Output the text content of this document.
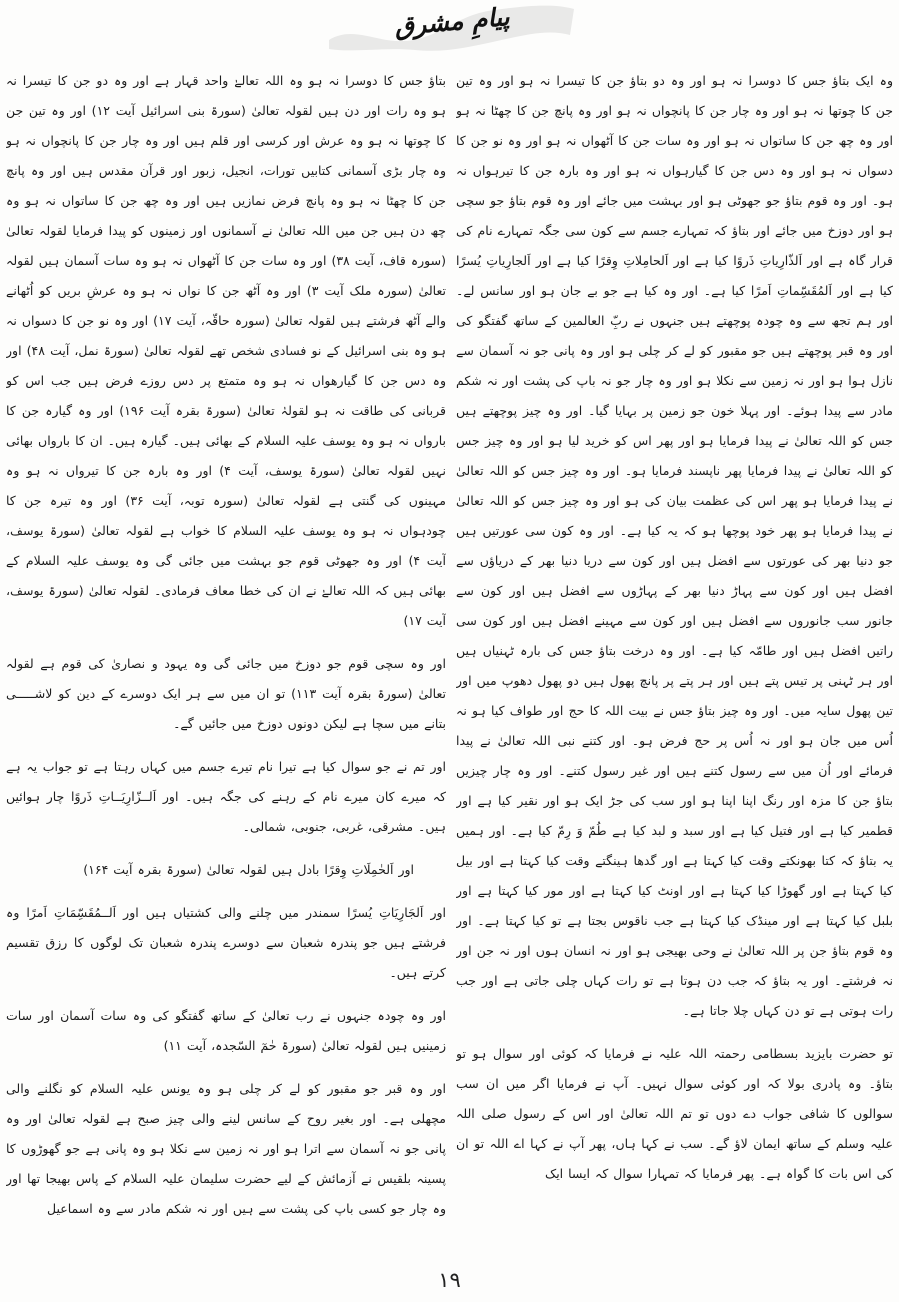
پیامِ مشرق

وہ ایک بتاؤ جس کا دوسرا نہ ہو اور وہ دو بتاؤ جن کا تیسرا نہ ہو اور وہ تین جن کا چوتھا نہ ہو اور وہ چار جن کا پانچواں نہ ہو اور وہ پانچ جن کا چھٹا نہ ہو اور وہ چھ جن کا ساتواں نہ ہو اور وہ سات جن کا آٹھواں نہ ہو اور وہ نو جن کا دسواں نہ ہو اور وہ دس جن کا گیارہواں نہ ہو اور وہ بارہ جن کا تیرہواں نہ ہو۔ اور وہ قوم بتاؤ جو جھوٹی ہو اور بہشت میں جائے اور وہ قوم بتاؤ جو سچی ہو اور دوزخ میں جائے اور بتاؤ کہ تمہارے جسم سے کون سی جگہ تمہارے نام کی قرار گاہ ہے اور اَلذّارِیاتِ ذَروًا کیا ہے اور اَلحامِلاتِ وِقرًا کیا ہے اور اَلجارِیاتِ یُسرًا کیا ہے اور اَلمُقَسِّماتِ اَمرًا کیا ہے۔ اور وہ کیا ہے جو بے جان ہو اور سانس لے۔ اور ہم تجھ سے وہ چودہ پوچھتے ہیں جنہوں نے ربِّ العالمین کے ساتھ گفتگو کی اور وہ قبر پوچھتے ہیں جو مقبور کو لے کر چلی ہو اور وہ پانی جو نہ آسمان سے نازل ہوا ہو اور نہ زمین سے نکلا ہو اور وہ چار جو نہ باپ کی پشت اور نہ شکم مادر سے پیدا ہوئے۔ اور پہلا خون جو زمین پر بہایا گیا۔ اور وہ چیز پوچھتے ہیں جس کو اللہ تعالیٰ نے پیدا فرمایا ہو اور پھر اس کو خرید لیا ہو اور وہ چیز جس کو اللہ تعالیٰ نے پیدا فرمایا پھر ناپسند فرمایا ہو۔ اور وہ چیز جس کو اللہ تعالیٰ نے پیدا فرمایا ہو پھر اس کی عظمت بیان کی ہو اور وہ چیز جس کو اللہ تعالیٰ نے پیدا فرمایا ہو پھر خود پوچھا ہو کہ یہ کیا ہے۔ اور وہ کون سی عورتیں ہیں جو دنیا بھر کی عورتوں سے افضل ہیں اور کون سے دریا دنیا بھر کے دریاؤں سے افضل ہیں اور کون سے پہاڑ دنیا بھر کے پہاڑوں سے افضل ہیں اور کون سے جانور سب جانوروں سے افضل ہیں اور کون سے مہینے افضل ہیں اور کون سی راتیں افضل ہیں اور طامّہ کیا ہے۔ اور وہ درخت بتاؤ جس کی بارہ ٹہنیاں ہیں اور ہر ٹہنی پر تیس پتے ہیں اور ہر پتے پر پانچ پھول ہیں دو پھول دھوپ میں اور تین پھول سایہ میں۔ اور وہ چیز بتاؤ جس نے بیت اللہ کا حج اور طواف کیا ہو نہ اُس میں جان ہو اور نہ اُس پر حج فرض ہو۔ اور کتنے نبی اللہ تعالیٰ نے پیدا فرمائے اور اُن میں سے رسول کتنے ہیں اور غیر رسول کتنے۔ اور وہ چار چیزیں بتاؤ جن کا مزہ اور رنگ اپنا اپنا ہو اور سب کی جڑ ایک ہو اور نقیر کیا ہے اور قطمیر کیا ہے اور فتیل کیا ہے اور سبد و لبد کیا ہے طُمّ وَ رِمّ کیا ہے۔ اور ہمیں یہ بتاؤ کہ کتا بھونکتے وقت کیا کہتا ہے اور گدھا ہینگتے وقت کیا کہتا ہے اور بیل کیا کہتا ہے اور گھوڑا کیا کہتا ہے اور اونٹ کیا کہتا ہے اور مور کیا کہتا ہے اور بلبل کیا کہتا ہے اور مینڈک کیا کہتا ہے جب ناقوس بجتا ہے تو کیا کہتا ہے۔ اور وہ قوم بتاؤ جن پر اللہ تعالیٰ نے وحی بھیجی ہو اور نہ انسان ہوں اور نہ جن اور نہ فرشتے۔ اور یہ بتاؤ کہ جب دن ہوتا ہے تو رات کہاں چلی جاتی ہے اور جب رات ہوتی ہے تو دن کہاں چلا جاتا ہے۔

تو حضرت بایزید بسطامی رحمتہ اللہ علیہ نے فرمایا کہ کوئی اور سوال ہو تو بتاؤ۔ وہ پادری بولا کہ اور کوئی سوال نہیں۔ آپ نے فرمایا اگر میں ان سب سوالوں کا شافی جواب دے دوں تو تم اللہ تعالیٰ اور اس کے رسول صلی اللہ علیہ وسلم کے ساتھ ایمان لاؤ گے۔ سب نے کہا ہاں، پھر آپ نے کہا اے اللہ تو ان کی اس بات کا گواہ ہے۔ پھر فرمایا کہ تمہارا سوال کہ ایسا ایک

بتاؤ جس کا دوسرا نہ ہو وہ اللہ تعالےٰ واحد قہار ہے اور وہ دو جن کا تیسرا نہ ہو وہ رات اور دن ہیں لقولہ تعالیٰ (سورۃ بنی اسرائیل آیت ۱۲) اور وہ تین جن کا چوتھا نہ ہو وہ عرش اور کرسی اور قلم ہیں اور وہ چار جن کا پانچواں نہ ہو وہ چار بڑی آسمانی کتابیں تورات، انجیل، زبور اور قرآن مقدس ہیں اور وہ پانچ جن کا چھٹا نہ ہو وہ پانچ فرض نمازیں ہیں اور وہ چھ جن کا ساتواں نہ ہو وہ چھ دن ہیں جن میں اللہ تعالیٰ نے آسمانوں اور زمینوں کو پیدا فرمایا لقولہ تعالیٰ (سورہ قاف، آیت ۳۸) اور وہ سات جن کا آٹھواں نہ ہو وہ سات آسمان ہیں لقولہ تعالیٰ (سورہ ملک آیت ۳) اور وہ آٹھ جن کا نواں نہ ہو وہ عرشِ بریں کو اُٹھانے والے آٹھ فرشتے ہیں لقولہ تعالیٰ (سورہ حاقّہ، آیت ۱۷) اور وہ نو جن کا دسواں نہ ہو وہ بنی اسرائیل کے نو فسادی شخص تھے لقولہ تعالیٰ (سورۃ نمل، آیت ۴۸) اور وہ دس جن کا گیارھواں نہ ہو وہ متمتع پر دس روزے فرض ہیں جب اس کو قربانی کی طاقت نہ ہو لقولہٰ تعالیٰ (سورۃ بقرہ آیت ۱۹۶) اور وہ گیارہ جن کا بارواں نہ ہو وہ یوسف علیہ السلام کے بھائی ہیں۔ گیارہ ہیں۔ ان کا بارواں بھائی نہیں لقولہ تعالیٰ (سورۃ یوسف، آیت ۴) اور وہ بارہ جن کا تیرواں نہ ہو وہ مہینوں کی گنتی ہے لقولہ تعالیٰ (سورہ توبہ، آیت ۳۶) اور وہ تیرہ جن کا چودہواں نہ ہو وہ یوسف علیہ السلام کا خواب ہے لقولہ تعالیٰ (سورۃ یوسف، آیت ۴) اور وہ جھوٹی قوم جو بہشت میں جائی گی وہ یوسف علیہ السلام کے بھائی ہیں کہ اللہ تعالےٰ نے ان کی خطا معاف فرمادی۔ لقولہ تعالیٰ (سورۃ یوسف، آیت ۱۷)

اور وہ سچی قوم جو دوزخ میں جائی گی وہ یہود و نصاریٰ کی قوم ہے لقولہ تعالیٰ (سورۃ بقرہ آیت ۱۱۳) تو ان میں سے ہر ایک دوسرے کے دین کو لاشـــــی بتانے میں سچا ہے لیکن دونوں دوزخ میں جائیں گے۔

اور تم نے جو سوال کیا ہے تیرا نام تیرے جسم میں کہاں رہتا ہے تو جواب یہ ہے کہ میرے کان میرے نام کے رہنے کی جگہ ہیں۔ اور اَلــزّارِیَــاتِ ذَروًا چار ہوائیں ہیں۔ مشرقی، غربی، جنوبی، شمالی۔

اور اَلحٰمِلَاتِ وِقرًا بادل ہیں لقولہ تعالیٰ (سورۃ بقرہ آیت ۱۶۴)

اور اَلجَارِیَاتِ یُسرًا سمندر میں چلنے والی کشتیاں ہیں اور اَلــمُقَسِّمَاتِ اَمرًا وہ فرشتے ہیں جو پندرہ شعبان سے دوسرے پندرہ شعبان تک لوگوں کا رزق تقسیم کرتے ہیں۔

اور وہ چودہ جنہوں نے رب تعالیٰ کے ساتھ گفتگو کی وہ سات آسمان اور سات زمینیں ہیں لقولہ تعالیٰ (سورۃ حٰمٓ السّجدہ، آیت ۱۱)

اور وہ قبر جو مقبور کو لے کر چلی ہو وہ یونس علیہ السلام کو نگلنے والی مچھلی ہے۔ اور بغیر روح کے سانس لینے والی چیز صبح ہے لقولہ تعالیٰ اور وہ پانی جو نہ آسمان سے اترا ہو اور نہ زمین سے نکلا ہو وہ پانی ہے جو گھوڑوں کا پسینہ بلقیس نے آزمائش کے لیے حضرت سلیمان علیہ السلام کے پاس بھیجا تھا اور وہ چار جو کسی باپ کی پشت سے ہیں اور نہ شکم مادر سے وہ اسماعیل

۱۹
